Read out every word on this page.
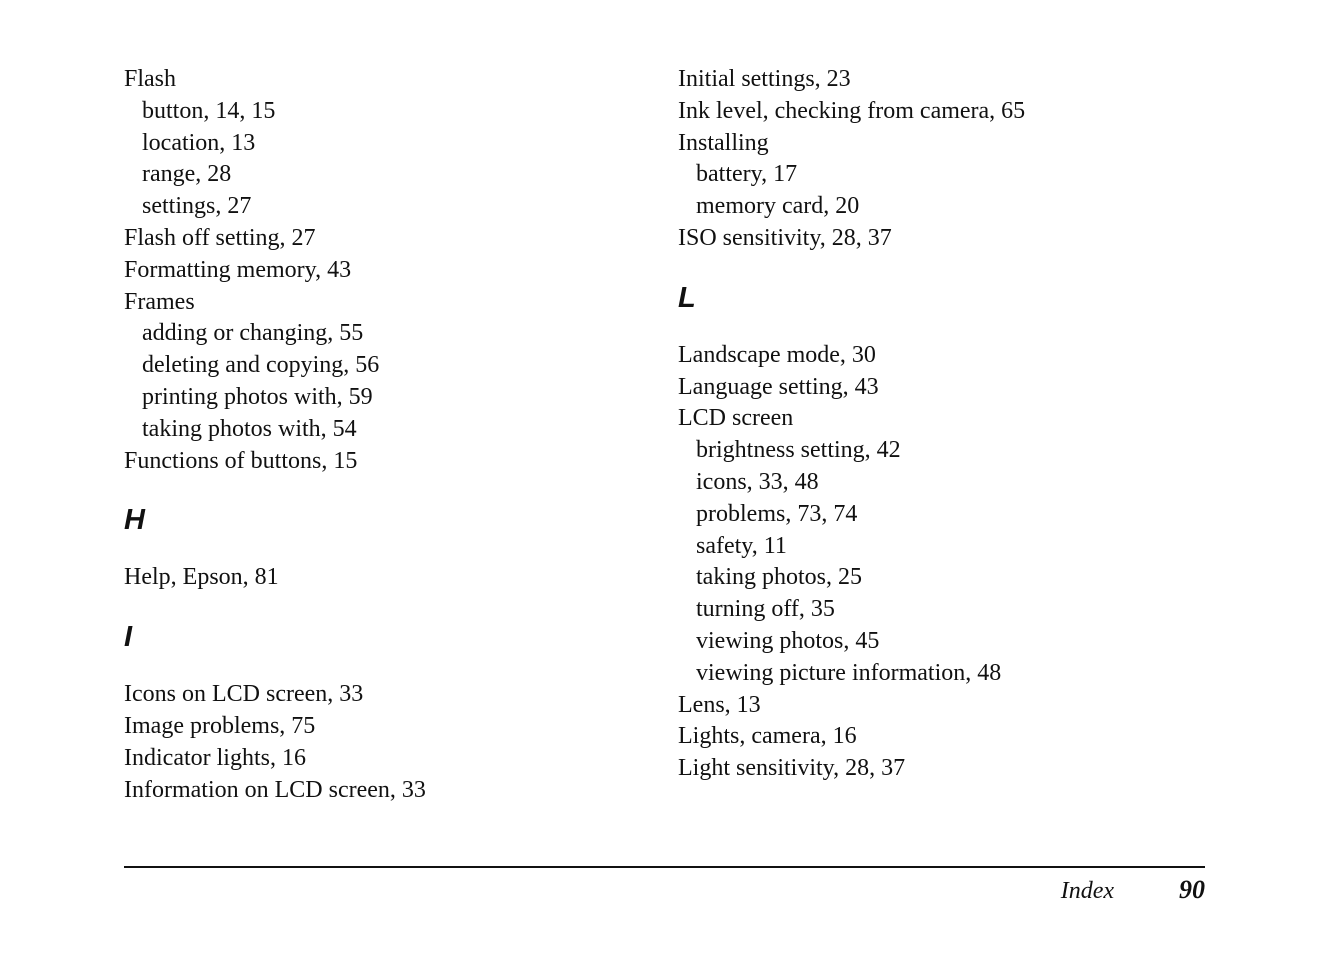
Flash
button, 14, 15
location, 13
range, 28
settings, 27
Flash off setting, 27
Formatting memory, 43
Frames
adding or changing, 55
deleting and copying, 56
printing photos with, 59
taking photos with, 54
Functions of buttons, 15
H
Help, Epson, 81
I
Icons on LCD screen, 33
Image problems, 75
Indicator lights, 16
Information on LCD screen, 33
Initial settings, 23
Ink level, checking from camera, 65
Installing
battery, 17
memory card, 20
ISO sensitivity, 28, 37
L
Landscape mode, 30
Language setting, 43
LCD screen
brightness setting, 42
icons, 33, 48
problems, 73, 74
safety, 11
taking photos, 25
turning off, 35
viewing photos, 45
viewing picture information, 48
Lens, 13
Lights, camera, 16
Light sensitivity, 28, 37
Index	90
